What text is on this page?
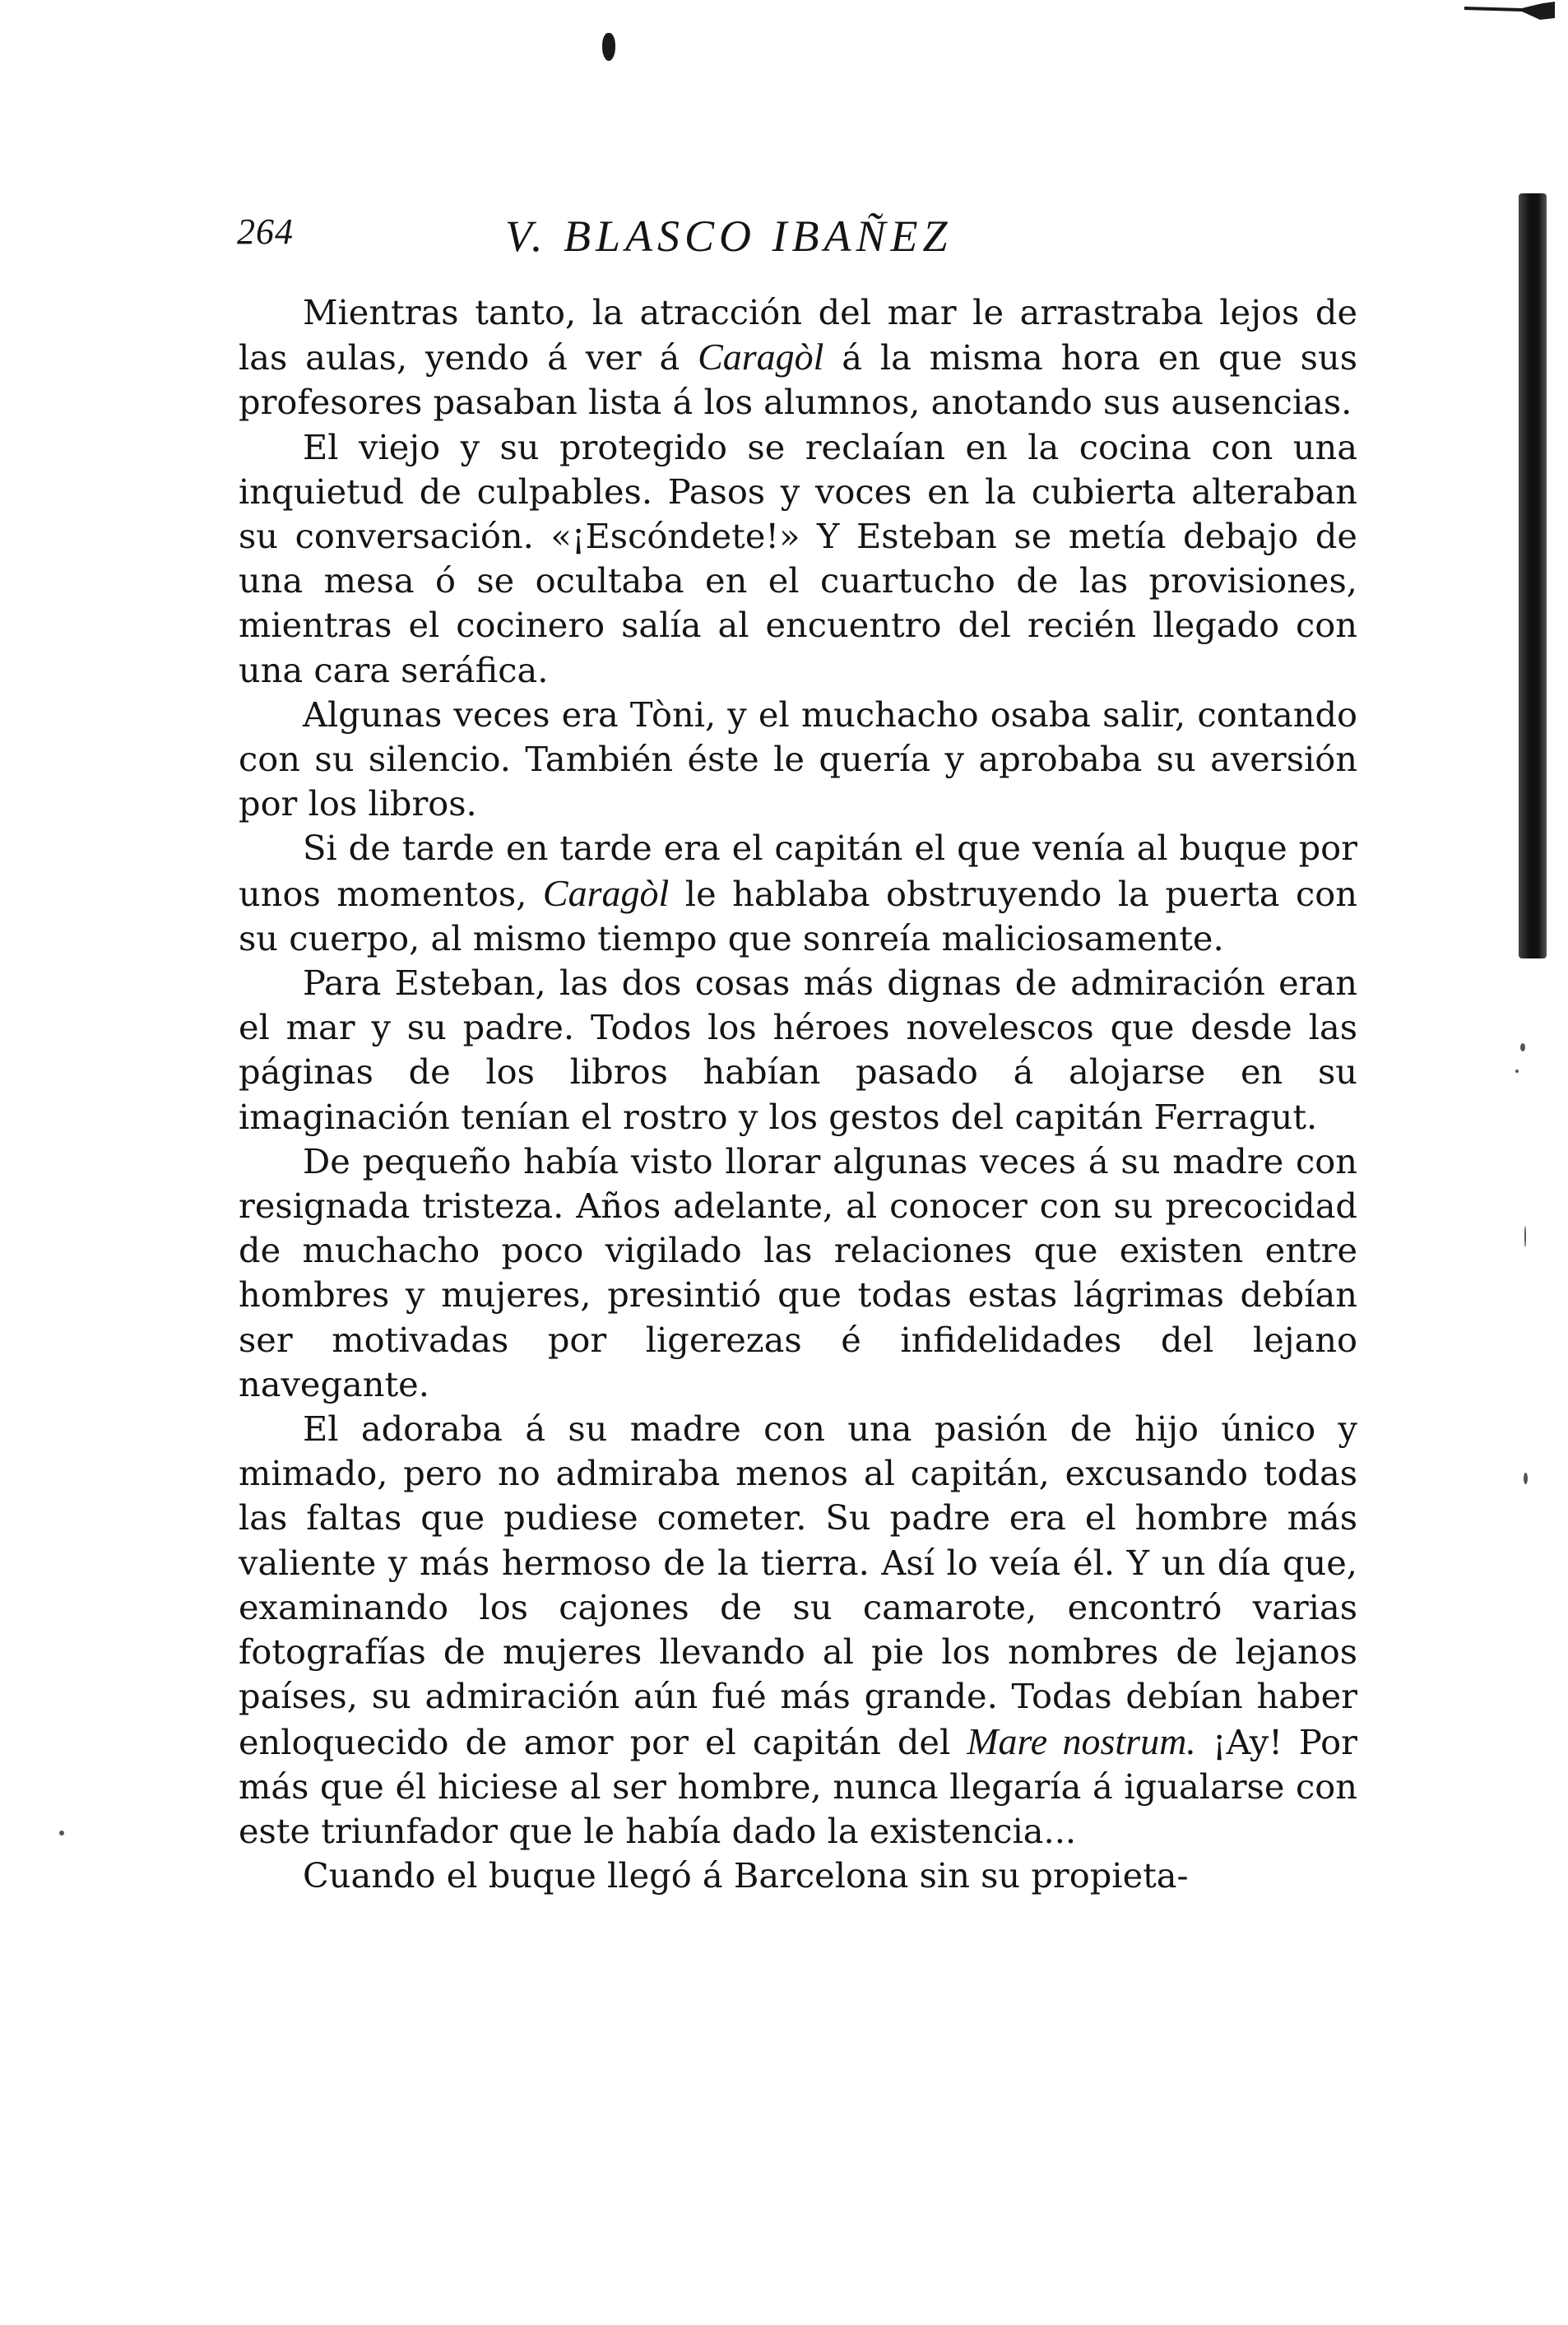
264	V. BLASCO IBAÑEZ

Mientras tanto, la atracción del mar le arrastraba lejos de las aulas, yendo á ver á Caragòl á la misma hora en que sus profesores pasaban lista á los alumnos, anotando sus ausencias.

El viejo y su protegido se reclaían en la cocina con una inquietud de culpables. Pasos y voces en la cubierta alteraban su conversación. «¡Escóndete!» Y Esteban se metía debajo de una mesa ó se ocultaba en el cuartucho de las provisiones, mientras el cocinero salía al encuentro del recién llegado con una cara seráfica.

Algunas veces era Tòni, y el muchacho osaba salir, contando con su silencio. También éste le quería y aprobaba su aversión por los libros.

Si de tarde en tarde era el capitán el que venía al buque por unos momentos, Caragòl le hablaba obstruyendo la puerta con su cuerpo, al mismo tiempo que sonreía maliciosamente.

Para Esteban, las dos cosas más dignas de admiración eran el mar y su padre. Todos los héroes novelescos que desde las páginas de los libros habían pasado á alojarse en su imaginación tenían el rostro y los gestos del capitán Ferragut.

De pequeño había visto llorar algunas veces á su madre con resignada tristeza. Años adelante, al conocer con su precocidad de muchacho poco vigilado las relaciones que existen entre hombres y mujeres, presintió que todas estas lágrimas debían ser motivadas por ligerezas é infidelidades del lejano navegante.

El adoraba á su madre con una pasión de hijo único y mimado, pero no admiraba menos al capitán, excusando todas las faltas que pudiese cometer. Su padre era el hombre más valiente y más hermoso de la tierra. Así lo veía él. Y un día que, examinando los cajones de su camarote, encontró varias fotografías de mujeres llevando al pie los nombres de lejanos países, su admiración aún fué más grande. Todas debían haber enloquecido de amor por el capitán del Mare nostrum. ¡Ay! Por más que él hiciese al ser hombre, nunca llegaría á igualarse con este triunfador que le había dado la existencia...

Cuando el buque llegó á Barcelona sin su propieta-
